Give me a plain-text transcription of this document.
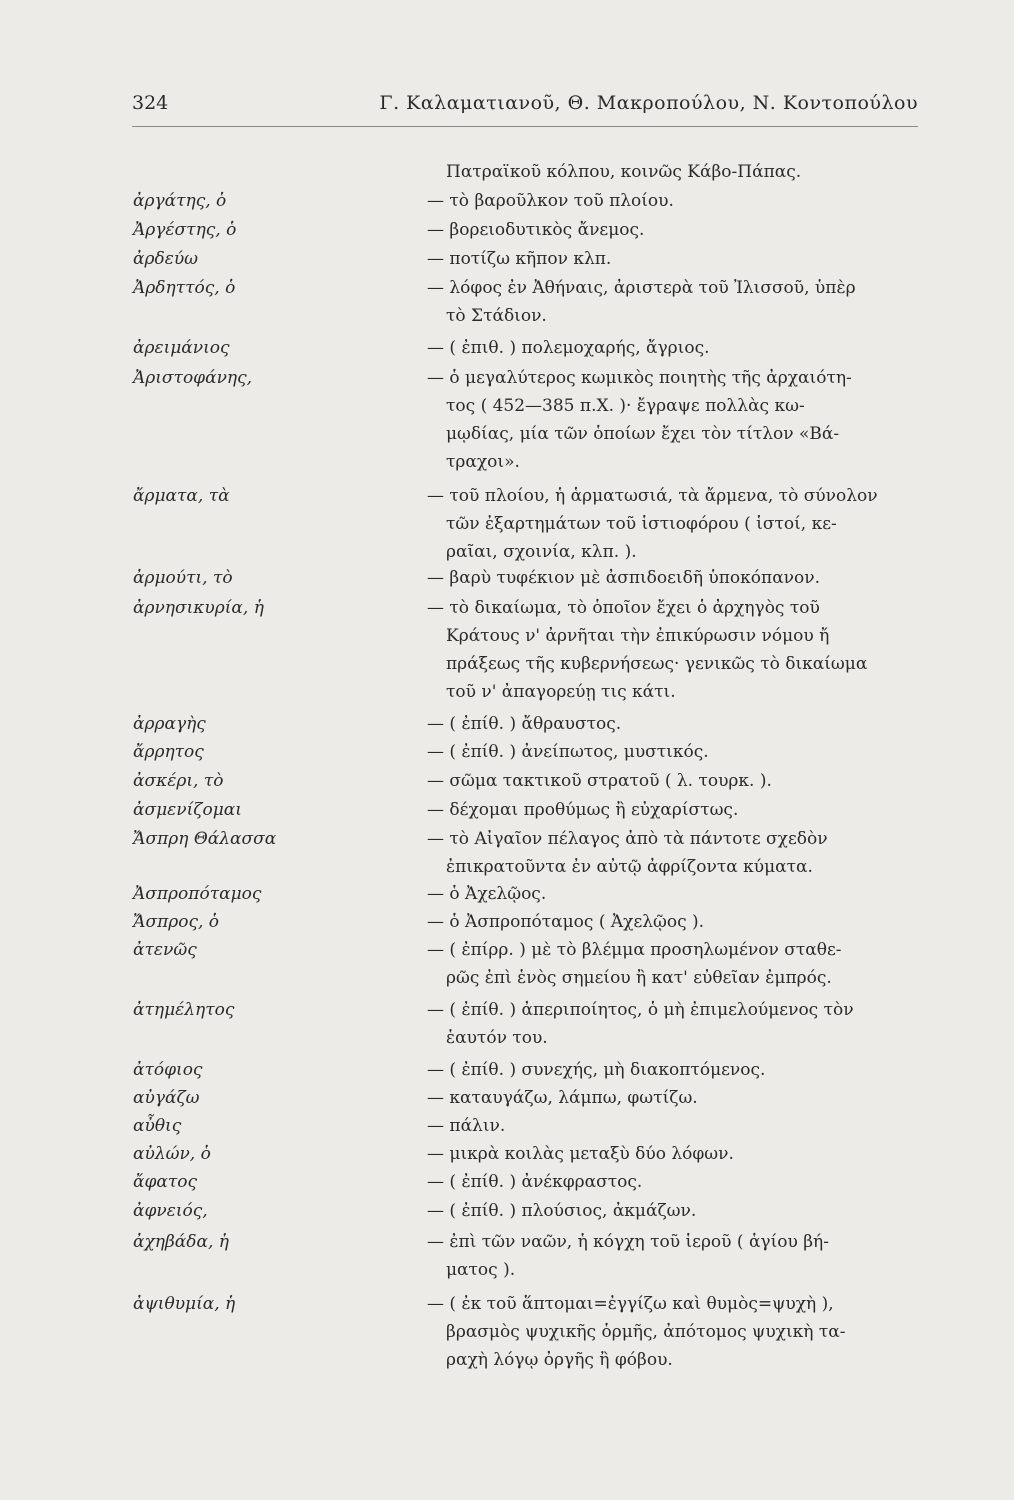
324	Γ. Καλαματιανοῦ, Θ. Μακροπούλου, Ν. Κοντοπούλου
Πατραϊκοῦ κόλπου, κοινῶς Κάβο-Πάπας.
ἀργάτης, ὁ	— τὸ βαροῦλκον τοῦ πλοίου.
Ἀργέστης, ὁ	— βορειοδυτικὸς ἄνεμος.
ἀρδεύω	— ποτίζω κῆπον κλπ.
Ἀρδηττός, ὁ	— λόφος ἐν Ἀθήναις, ἀριστερὰ τοῦ Ἰλισσοῦ, ὑπὲρ
τὸ Στάδιον.
ἀρειμάνιος	— ( ἐπιθ. ) πολεμοχαρής, ἄγριος.
Ἀριστοφάνης,	— ὁ μεγαλύτερος κωμικὸς ποιητὴς τῆς ἀρχαιότη-
τος ( 452—385 π.Χ. )· ἔγραψε πολλὰς κω-
μῳδίας, μία τῶν ὁποίων ἔχει τὸν τίτλον «Βά-
τραχοι».
ἄρματα, τὰ	— τοῦ πλοίου, ἡ ἁρματωσιά, τὰ ἄρμενα, τὸ σύνολον
τῶν ἐξαρτημάτων τοῦ ἱστιοφόρου ( ἱστοί, κε-
ραῖαι, σχοινία, κλπ. ).
ἀρμούτι, τὸ	— βαρὺ τυφέκιον μὲ ἀσπιδοειδῆ ὑποκόπανον.
ἀρνησικυρία, ἡ	— τὸ δικαίωμα, τὸ ὁποῖον ἔχει ὁ ἀρχηγὸς τοῦ
Κράτους ν' ἀρνῆται τὴν ἐπικύρωσιν νόμου ἤ
πράξεως τῆς κυβερνήσεως· γενικῶς τὸ δικαίωμα
τοῦ ν' ἀπαγορεύῃ τις κάτι.
ἀρραγὴς	— ( ἐπίθ. ) ἄθραυστος.
ἄρρητος	— ( ἐπίθ. ) ἀνείπωτος, μυστικός.
ἀσκέρι, τὸ	— σῶμα τακτικοῦ στρατοῦ ( λ. τουρκ. ).
ἀσμενίζομαι	— δέχομαι προθύμως ἢ εὐχαρίστως.
Ἄσπρη Θάλασσα	— τὸ Αἰγαῖον πέλαγος ἀπὸ τὰ πάντοτε σχεδὸν
ἐπικρατοῦντα ἐν αὐτῷ ἀφρίζοντα κύματα.
Ἀσπροπόταμος	— ὁ Ἀχελῷος.
Ἄσπρος, ὁ	— ὁ Ἀσπροπόταμος ( Ἀχελῷος ).
ἀτενῶς	— ( ἐπίρρ. ) μὲ τὸ βλέμμα προσηλωμένον σταθε-
ρῶς ἐπὶ ἑνὸς σημείου ἢ κατ' εὐθεῖαν ἐμπρός.
ἀτημέλητος	— ( ἐπίθ. ) ἀπεριποίητος, ὁ μὴ ἐπιμελούμενος τὸν
ἑαυτόν του.
ἀτόφιος	— ( ἐπίθ. ) συνεχής, μὴ διακοπτόμενος.
αὐγάζω	— καταυγάζω, λάμπω, φωτίζω.
αὖθις	— πάλιν.
αὐλών, ὁ	— μικρὰ κοιλὰς μεταξὺ δύο λόφων.
ἄφατος	— ( ἐπίθ. ) ἀνέκφραστος.
ἀφνειός,	— ( ἐπίθ. ) πλούσιος, ἀκμάζων.
ἀχηβάδα, ἡ	— ἐπὶ τῶν ναῶν, ἡ κόγχη τοῦ ἱεροῦ ( ἁγίου βή-
ματος ).
ἀψιθυμία, ἡ	— ( ἐκ τοῦ ἅπτομαι=ἐγγίζω καὶ θυμὸς=ψυχὴ ),
βρασμὸς ψυχικῆς ὁρμῆς, ἀπότομος ψυχικὴ τα-
ραχὴ λόγῳ ὀργῆς ἢ φόβου.
